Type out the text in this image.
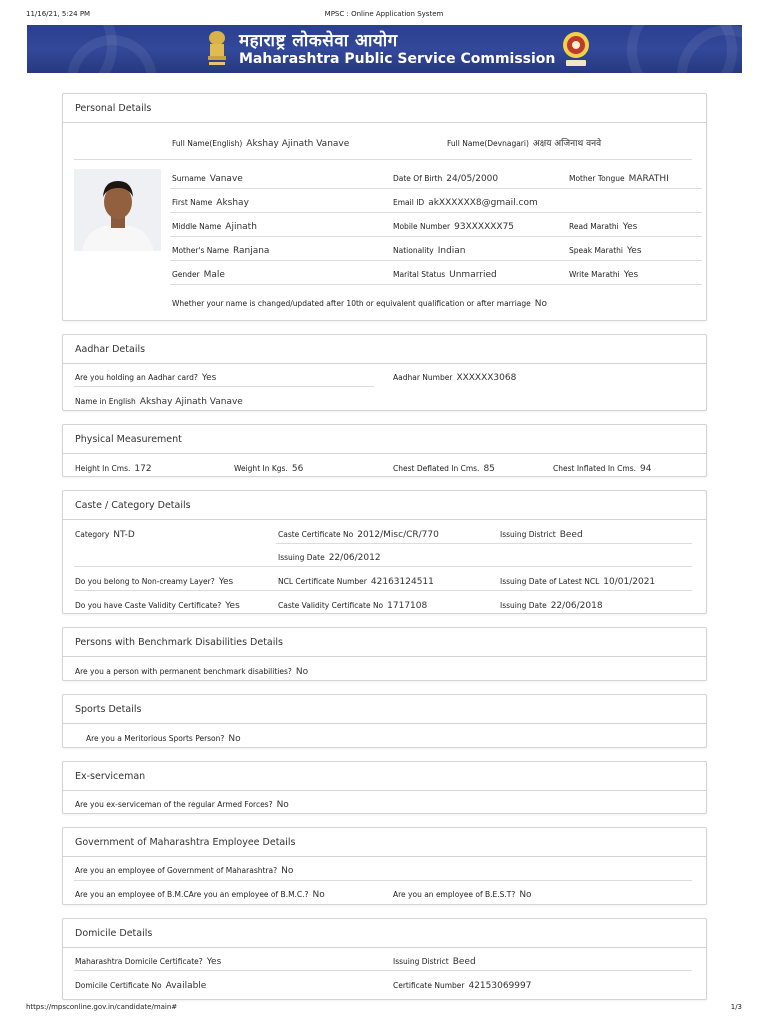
11/16/21, 5:24 PM	MPSC : Online Application System
महाराष्ट्र लोकसेवा आयोग
Maharashtra Public Service Commission
Personal Details
Full Name(English) Akshay Ajinath Vanave	Full Name(Devnagari) अक्षय अजिनाथ वनवे
Surname Vanave	Date Of Birth 24/05/2000	Mother Tongue MARATHI
First Name Akshay	Email ID akXXXXXX8@gmail.com
Middle Name Ajinath	Mobile Number 93XXXXXX75	Read Marathi Yes
Mother's Name Ranjana	Nationality Indian	Speak Marathi Yes
Gender Male	Marital Status Unmarried	Write Marathi Yes
Whether your name is changed/updated after 10th or equivalent qualification or after marriage No
Aadhar Details
Are you holding an Aadhar card? Yes	Aadhar Number XXXXXX3068
Name in English Akshay Ajinath Vanave
Physical Measurement
Height In Cms. 172	Weight In Kgs. 56	Chest Deflated In Cms. 85	Chest Inflated In Cms. 94
Caste / Category Details
Category NT-D	Caste Certificate No 2012/Misc/CR/770	Issuing District Beed
Issuing Date 22/06/2012
Do you belong to Non-creamy Layer? Yes	NCL Certificate Number 42163124511	Issuing Date of Latest NCL 10/01/2021
Do you have Caste Validity Certificate? Yes	Caste Validity Certificate No 1717108	Issuing Date 22/06/2018
Persons with Benchmark Disabilities Details
Are you a person with permanent benchmark disabilities? No
Sports Details
Are you a Meritorious Sports Person? No
Ex-serviceman
Are you ex-serviceman of the regular Armed Forces? No
Government of Maharashtra Employee Details
Are you an employee of Government of Maharashtra? No
Are you an employee of B.M.CAre you an employee of B.M.C.? No	Are you an employee of B.E.S.T? No
Domicile Details
Maharashtra Domicile Certificate? Yes	Issuing District Beed
Domicile Certificate No Available	Certificate Number 42153069997
https://mpsconline.gov.in/candidate/main#	1/3
